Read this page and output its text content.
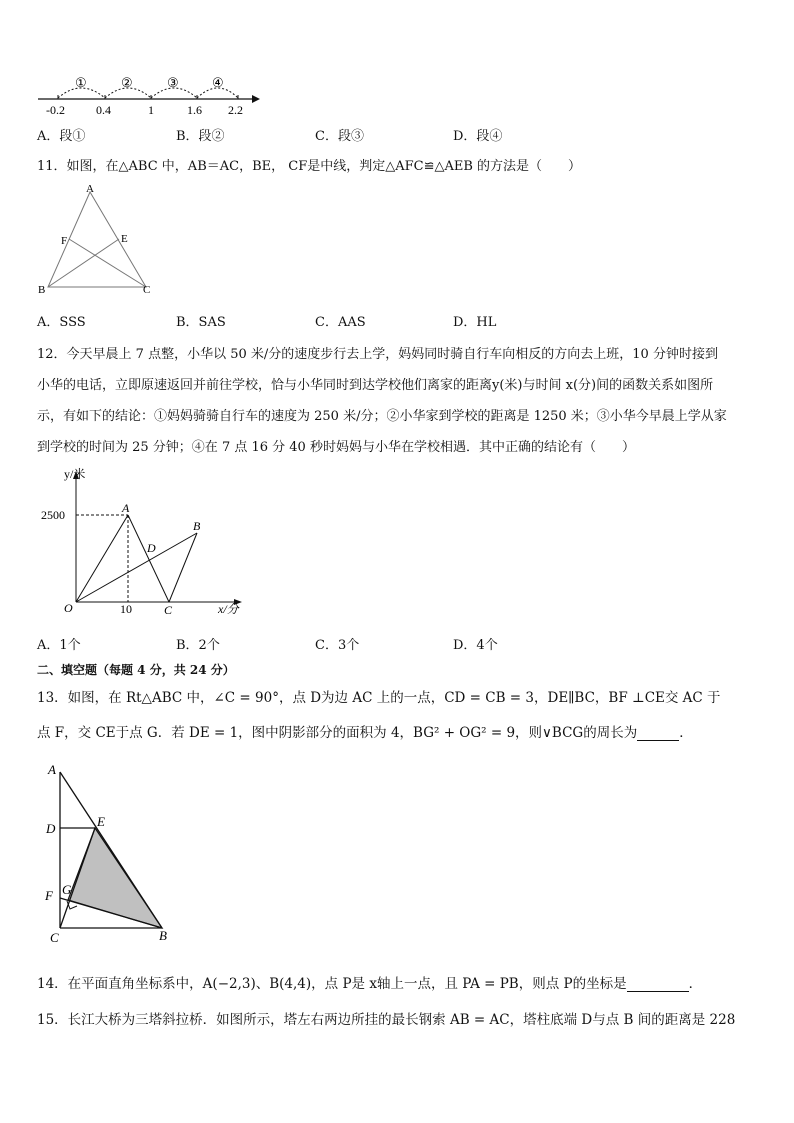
①	②	③	④
-0.2	0.4	1	1.6 2.2
A．段①	B．段②	C．段③	D．段④
11．如图，在△ABC 中，AB＝AC，BE， CF是中线，判定△AFC≌△AEB 的方法是（　　）
A
B	C
E
F
A．SSS	B．SAS	C．AAS	D．HL
12．今天早晨上 7 点整，小华以 50 米/分的速度步行去上学，妈妈同时骑自行车向相反的方向去上班，10 分钟时接到
小华的电话，立即原速返回并前往学校，恰与小华同时到达学校他们离家的距离y(米)与时间 x(分)间的函数关系如图所
示，有如下的结论：①妈妈骑骑自行车的速度为 250 米/分；②小华家到学校的距离是 1250 米；③小华今早晨上学从家
到学校的时间为 25 分钟；④在 7 点 16 分 40 秒时妈妈与小华在学校相遇．其中正确的结论有（　　）
y/米
x/分
2500
10
O
A
B
C
D
A．1个	B．2个	C．3个	D．4个
二、填空题（每题 4 分，共 24 分）
13．如图，在 Rt△ABC 中，∠C = 90°，点 D为边 AC 上的一点，CD = CB = 3，DE∥BC，BF ⊥CE交 AC 于
点 F，交 CE于点 G．若 DE = 1，图中阴影部分的面积为 4，BG² + OG² = 9，则∨BCG的周长为	．
A
D	E
F G
C	B
14．在平面直角坐标系中，A(−2,3)、B(4,4)，点 P是 x轴上一点，且 PA = PB，则点 P的坐标是	．
15．长江大桥为三塔斜拉桥．如图所示，塔左右两边所挂的最长钢索 AB = AC，塔柱底端 D与点 B 间的距离是 228
